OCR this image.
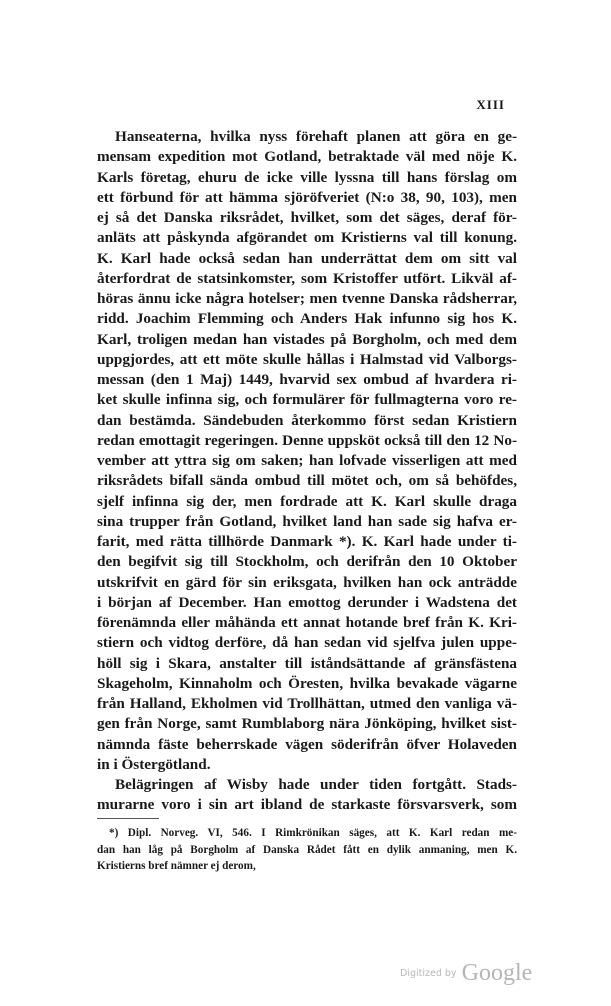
XIII
Hanseaterna, hvilka nyss förehaft planen att göra en ge-
mensam expedition mot Gotland, betraktade väl med nöje K.
Karls företag, ehuru de icke ville lyssna till hans förslag om
ett förbund för att hämma sjöröfveriet (N:o 38, 90, 103), men
ej så det Danska riksrådet, hvilket, som det säges, deraf för-
anläts att påskynda afgörandet om Kristierns val till konung.
K. Karl hade också sedan han underrättat dem om sitt val
återfordrat de statsinkomster, som Kristoffer utfört. Likväl af-
höras ännu icke några hotelser; men tvenne Danska rådsherrar,
ridd. Joachim Flemming och Anders Hak infunno sig hos K.
Karl, troligen medan han vistades på Borgholm, och med dem
uppgjordes, att ett möte skulle hållas i Halmstad vid Valborgs-
messan (den 1 Maj) 1449, hvarvid sex ombud af hvardera ri-
ket skulle infinna sig, och formulärer för fullmagterna voro re-
dan bestämda. Sändebuden återkommo först sedan Kristiern
redan emottagit regeringen. Denne uppsköt också till den 12 No-
vember att yttra sig om saken; han lofvade visserligen att med
riksrådets bifall sända ombud till mötet och, om så behöfdes,
sjelf infinna sig der, men fordrade att K. Karl skulle draga
sina trupper från Gotland, hvilket land han sade sig hafva er-
farit, med rätta tillhörde Danmark *). K. Karl hade under ti-
den begifvit sig till Stockholm, och derifrån den 10 Oktober
utskrifvit en gärd för sin eriksgata, hvilken han ock anträdde
i början af December. Han emottog derunder i Wadstena det
förenämnda eller måhända ett annat hotande bref från K. Kri-
stiern och vidtog derföre, då han sedan vid sjelfva julen uppe-
höll sig i Skara, anstalter till iståndsättande af gränsfästena
Skageholm, Kinnaholm och Öresten, hvilka bevakade vägarne
från Halland, Ekholmen vid Trollhättan, utmed den vanliga vä-
gen från Norge, samt Rumblaborg nära Jönköping, hvilket sist-
nämnda fäste beherrskade vägen söderifrån öfver Holaveden
in i Östergötland.
Belägringen af Wisby hade under tiden fortgått. Stads-
murarne voro i sin art ibland de starkaste försvarsverk, som
*) Dipl. Norveg. VI, 546. I Rimkrönikan säges, att K. Karl redan me-
dan han låg på Borgholm af Danska Rådet fått en dylik anmaning, men K.
Kristierns bref nämner ej derom,
Digitized by Google
